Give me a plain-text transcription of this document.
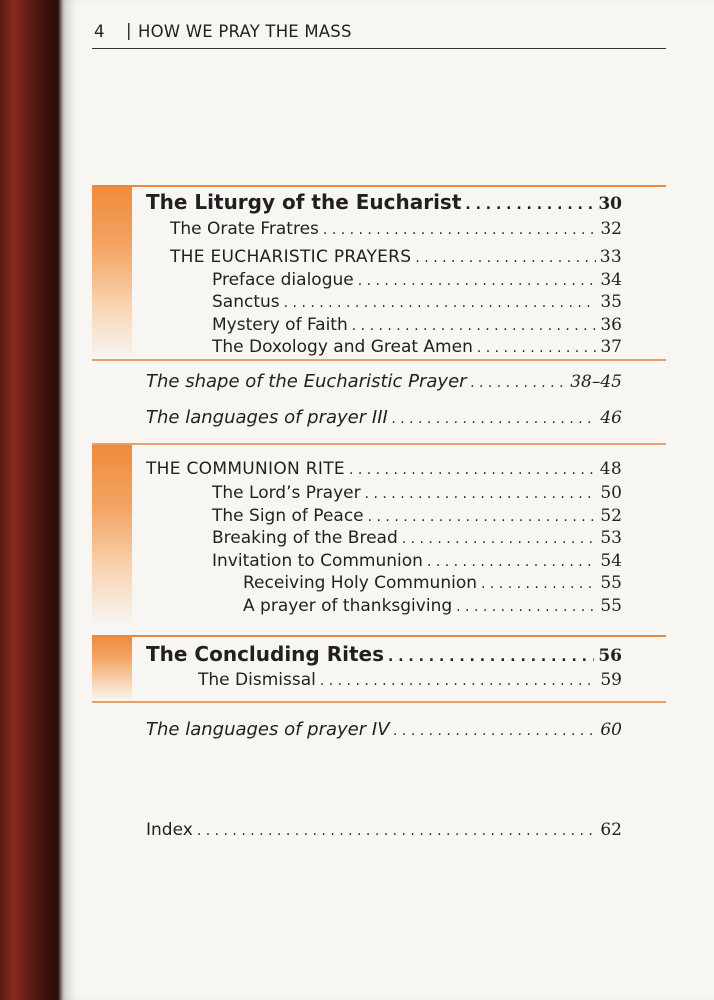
4 | HOW WE PRAY THE MASS
The Liturgy of the Eucharist . . .	30
The Orate Fratres . . .	32
THE EUCHARISTIC PRAYERS . . .	33
Preface dialogue . . .	34
Sanctus . . .	35
Mystery of Faith . . .	36
The Doxology and Great Amen . . .	37
The shape of the Eucharistic Prayer . . .	38–45
The languages of prayer III . . .	46
THE COMMUNION RITE . . .	48
The Lord’s Prayer . . .	50
The Sign of Peace . . .	52
Breaking of the Bread . . .	53
Invitation to Communion . . .	54
Receiving Holy Communion . . .	55
A prayer of thanksgiving . . .	55
The Concluding Rites . . .	56
The Dismissal . . .	59
The languages of prayer IV . . .	60
Index . . .	62
